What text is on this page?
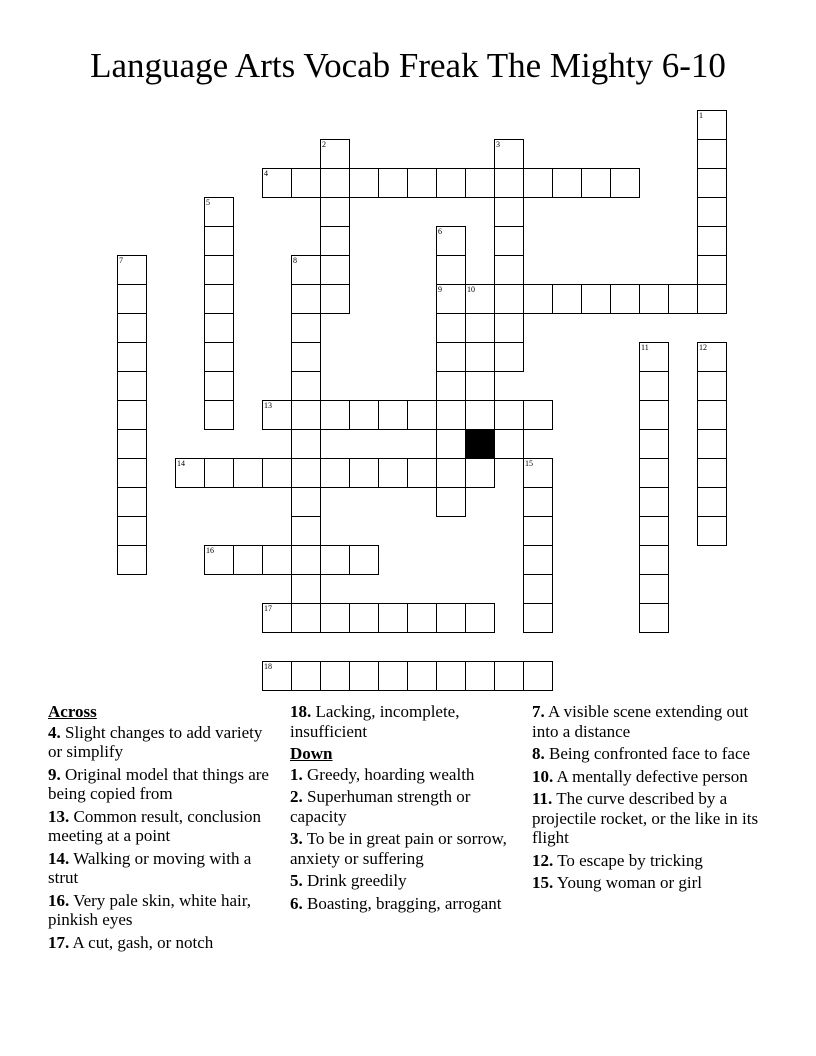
Language Arts Vocab Freak The Mighty 6-10
1
2	3
4
5
6
7	8
9	10
11	12
13
14	15
16
17
18
Across
4. Slight changes to add variety or simplify
9. Original model that things are being copied from
13. Common result, conclusion meeting at a point
14. Walking or moving with a strut
16. Very pale skin, white hair, pinkish eyes
17. A cut, gash, or notch
18. Lacking, incomplete, insufficient
Down
1. Greedy, hoarding wealth
2. Superhuman strength or capacity
3. To be in great pain or sorrow, anxiety or suffering
5. Drink greedily
6. Boasting, bragging, arrogant
7. A visible scene extending out into a distance
8. Being confronted face to face
10. A mentally defective person
11. The curve described by a projectile rocket, or the like in its flight
12. To escape by tricking
15. Young woman or girl
